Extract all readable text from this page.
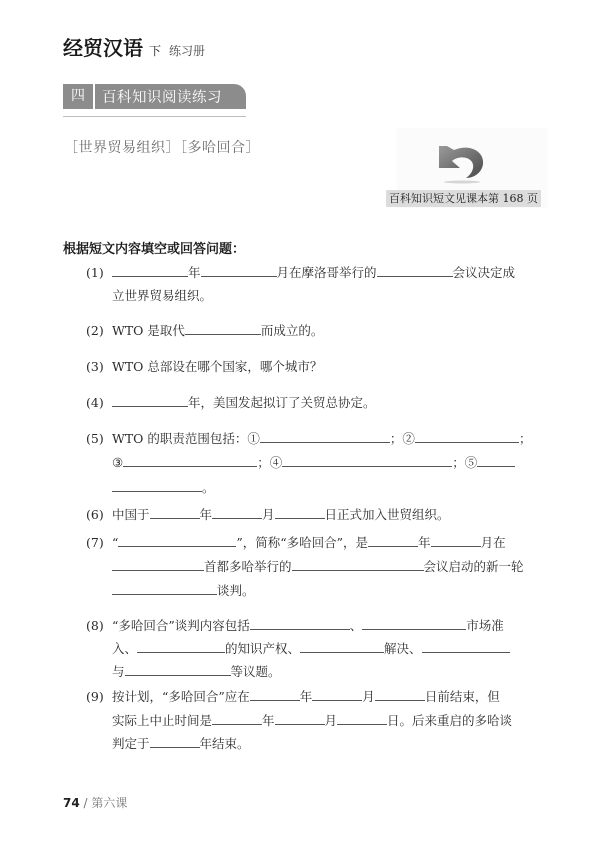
经贸汉语 下 练习册
四	百科知识阅读练习
［世界贸易组织］［多哈回合］
百科知识短文见课本第 168 页
根据短文内容填空或回答问题：
(1)	年	月在摩洛哥举行的	会议决定成
立世界贸易组织。
(2) WTO 是取代	而成立的。
(3) WTO 总部设在哪个国家，哪个城市？
(4)	年，美国发起拟订了关贸总协定。
(5) WTO 的职责范围包括：①	；②	；
③	；④	；⑤
。
(6) 中国于	年	月	日正式加入世贸组织。
(7) “	”，简称“多哈回合”，是	年	月在
首都多哈举行的	会议启动的新一轮
谈判。
(8) “多哈回合”谈判内容包括	、	市场准
入、	的知识产权、	解决、
与	等议题。
(9) 按计划，“多哈回合”应在	年	月	日前结束，但
实际上中止时间是	年	月	日。后来重启的多哈谈
判定于	年结束。
74 / 第六课
